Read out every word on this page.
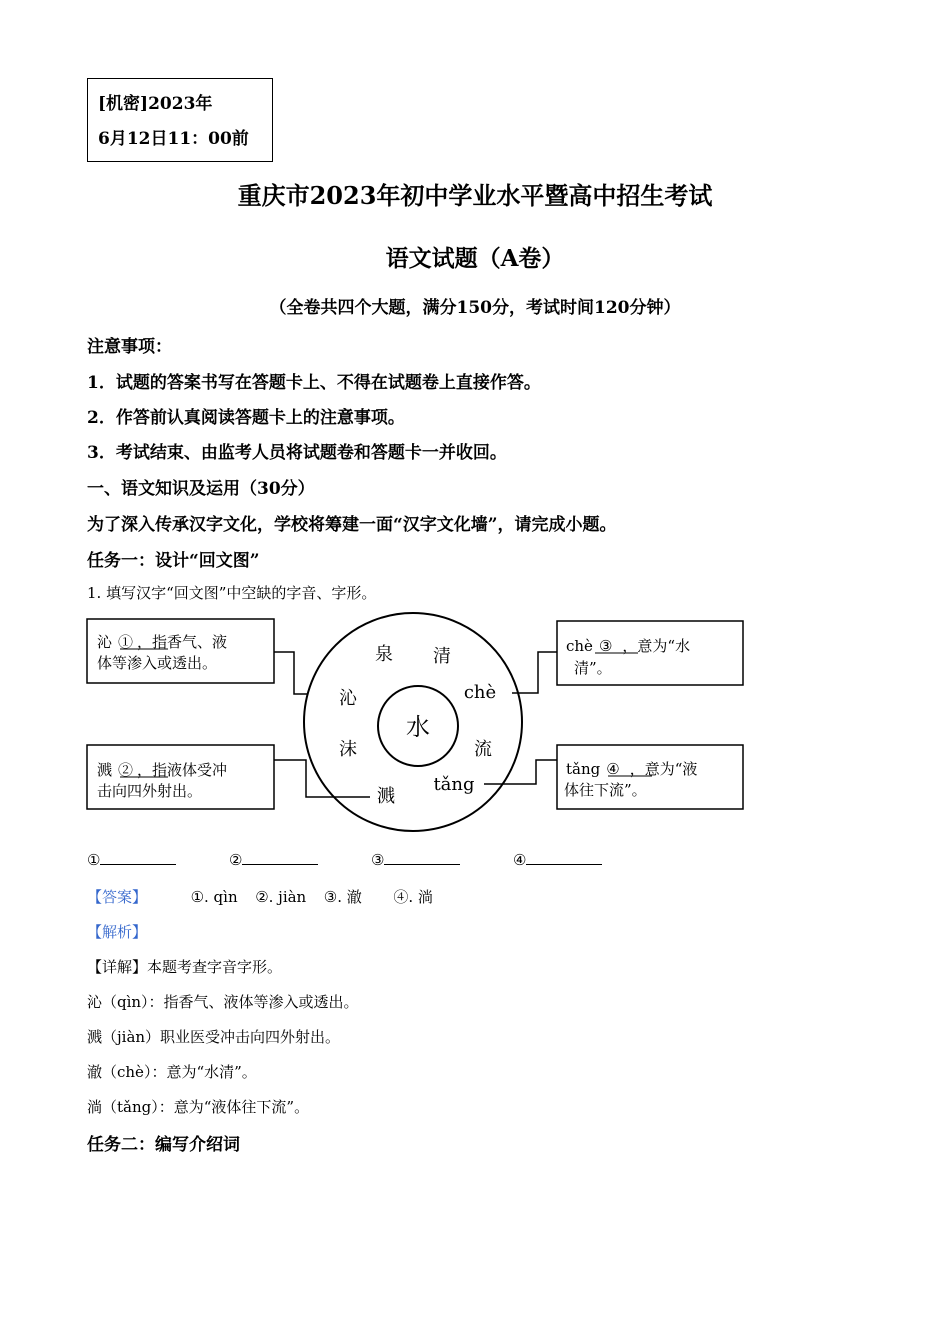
[机密]2023年
6月12日11：00前
重庆市2023年初中学业水平暨高中招生考试
语文试题（A卷）
（全卷共四个大题，满分150分，考试时间120分钟）
注意事项：
1．试题的答案书写在答题卡上、不得在试题卷上直接作答。
2．作答前认真阅读答题卡上的注意事项。
3．考试结束、由监考人员将试题卷和答题卡一并收回。
一、语文知识及运用（30分）
为了深入传承汉字文化，学校将筹建一面“汉字文化墙”，请完成小题。
任务一：设计“回文图”
1. 填写汉字“回文图”中空缺的字音、字形。
水
泉 清
chè
流
tǎng
溅
沫
沁
沁 ① ，指香气、液
体等渗入或透出。
溅 ② ，指液体受冲
击向四外射出。
chè ③ ，意为“水
清”。
tǎng ④ ，意为“液
体往下流”。
①	②	③	④
【答案】	①. qìn ②. jiàn ③. 澈 ④. 淌
【解析】
【详解】本题考查字音字形。
沁（qìn）：指香气、液体等渗入或透出。
溅（jiàn）职业医受冲击向四外射出。
澈（chè）：意为“水清”。
淌（tǎng）：意为“液体往下流”。
任务二：编写介绍词
